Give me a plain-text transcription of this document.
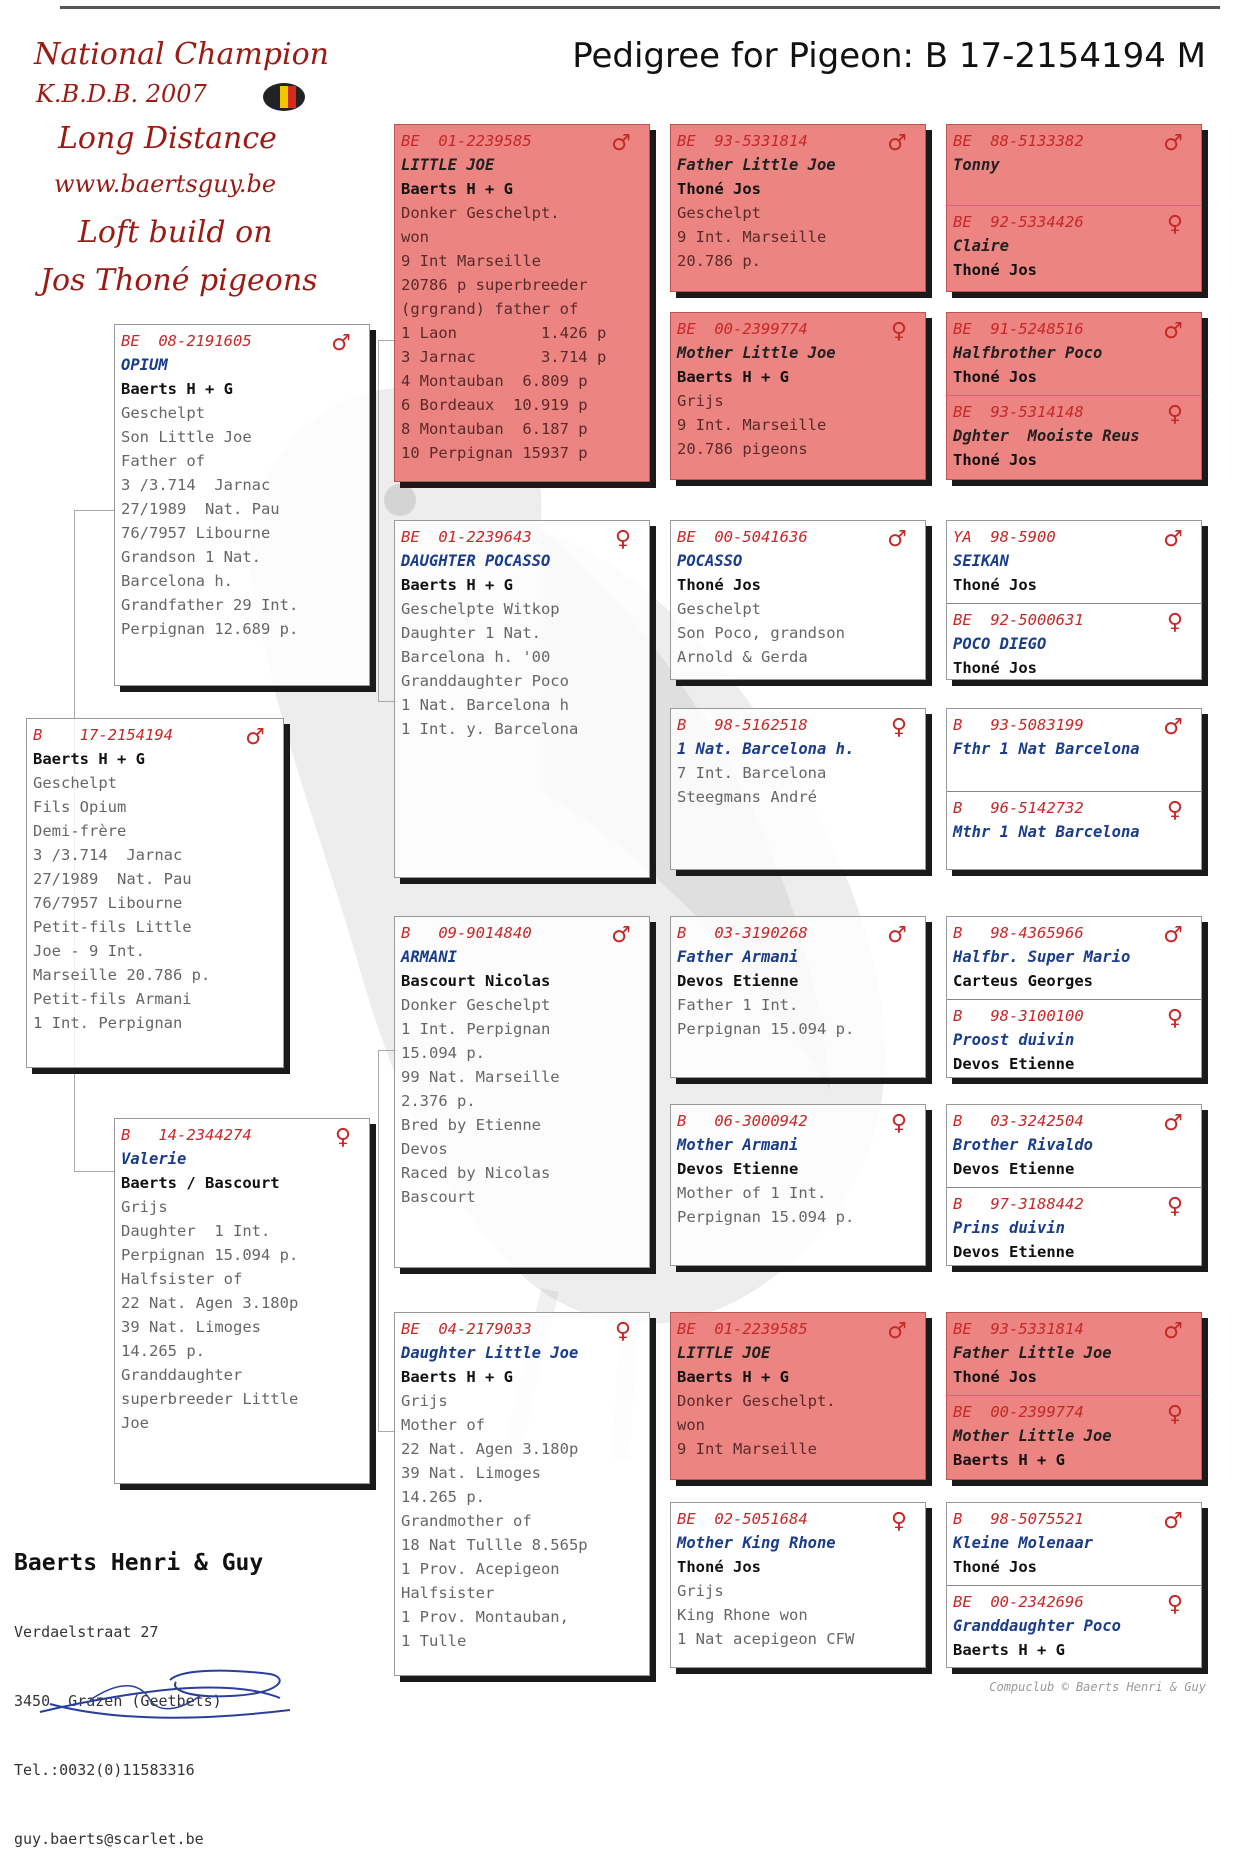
National Champion
K.B.D.B. 2007
Long Distance
www.baertsguy.be
Loft build on
Jos Thoné pigeons
Pedigree for Pigeon: B 17-2154194 M
B    17-2154194	♂
Baerts H + G
Geschelpt
Fils Opium
Demi-frère
3 /3.714  Jarnac
27/1989  Nat. Pau
76/7957 Libourne
Petit-fils Little
Joe - 9 Int.
Marseille 20.786 p.
Petit-fils Armani
1 Int. Perpignan
BE  08-2191605	♂
OPIUM
Baerts H + G
Geschelpt
Son Little Joe
Father of
3 /3.714  Jarnac
27/1989  Nat. Pau
76/7957 Libourne
Grandson 1 Nat.
Barcelona h.
Grandfather 29 Int.
Perpignan 12.689 p.
B   14-2344274	♀
Valerie
Baerts / Bascourt
Grijs
Daughter  1 Int.
Perpignan 15.094 p.
Halfsister of
22 Nat. Agen 3.180p
39 Nat. Limoges
14.265 p.
Granddaughter
superbreeder Little
Joe
BE  01-2239585	♂
LITTLE JOE
Baerts H + G
Donker Geschelpt.
won
9 Int Marseille
20786 p superbreeder
(grgrand) father of
1 Laon         1.426 p
3 Jarnac       3.714 p
4 Montauban  6.809 p
6 Bordeaux  10.919 p
8 Montauban  6.187 p
10 Perpignan 15937 p
BE  01-2239643	♀
DAUGHTER POCASSO
Baerts H + G
Geschelpte Witkop
Daughter 1 Nat.
Barcelona h. '00
Granddaughter Poco
1 Nat. Barcelona h
1 Int. y. Barcelona
B   09-9014840	♂
ARMANI
Bascourt Nicolas
Donker Geschelpt
1 Int. Perpignan
15.094 p.
99 Nat. Marseille
2.376 p.
Bred by Etienne
Devos
Raced by Nicolas
Bascourt
BE  04-2179033	♀
Daughter Little Joe
Baerts H + G
Grijs
Mother of
22 Nat. Agen 3.180p
39 Nat. Limoges
14.265 p.
Grandmother of
18 Nat Tullle 8.565p
1 Prov. Acepigeon
Halfsister
1 Prov. Montauban,
1 Tulle
BE  93-5331814	♂
Father Little Joe
Thoné Jos
Geschelpt
9 Int. Marseille
20.786 p.
BE  00-2399774	♀
Mother Little Joe
Baerts H + G
Grijs
9 Int. Marseille
20.786 pigeons
BE  00-5041636	♂
POCASSO
Thoné Jos
Geschelpt
Son Poco, grandson
Arnold & Gerda
B   98-5162518	♀
1 Nat. Barcelona h.
7 Int. Barcelona
Steegmans André
B   03-3190268	♂
Father Armani
Devos Etienne
Father 1 Int.
Perpignan 15.094 p.
B   06-3000942	♀
Mother Armani
Devos Etienne
Mother of 1 Int.
Perpignan 15.094 p.
BE  01-2239585	♂
LITTLE JOE
Baerts H + G
Donker Geschelpt.
won
9 Int Marseille
BE  02-5051684	♀
Mother King Rhone
Thoné Jos
Grijs
King Rhone won
1 Nat acepigeon CFW
BE  88-5133382	♂
Tonny
BE  92-5334426	♀
Claire
Thoné Jos
BE  91-5248516	♂
Halfbrother Poco
Thoné Jos
BE  93-5314148	♀
Dghter  Mooiste Reus
Thoné Jos
YA  98-5900	♂
SEIKAN
Thoné Jos
BE  92-5000631	♀
POCO DIEGO
Thoné Jos
B   93-5083199	♂
Fthr 1 Nat Barcelona
B   96-5142732	♀
Mthr 1 Nat Barcelona
B   98-4365966	♂
Halfbr. Super Mario
Carteus Georges
B   98-3100100	♀
Proost duivin
Devos Etienne
B   03-3242504	♂
Brother Rivaldo
Devos Etienne
B   97-3188442	♀
Prins duivin
Devos Etienne
BE  93-5331814	♂
Father Little Joe
Thoné Jos
BE  00-2399774	♀
Mother Little Joe
Baerts H + G
B   98-5075521	♂
Kleine Molenaar
Thoné Jos
BE  00-2342696	♀
Granddaughter Poco
Baerts H + G

Baerts Henri & Guy

Verdaelstraat 27

3450  Grazen (Geetbets)

Tel.:0032(0)11583316

guy.baerts@scarlet.be

Compuclub © Baerts Henri & Guy
